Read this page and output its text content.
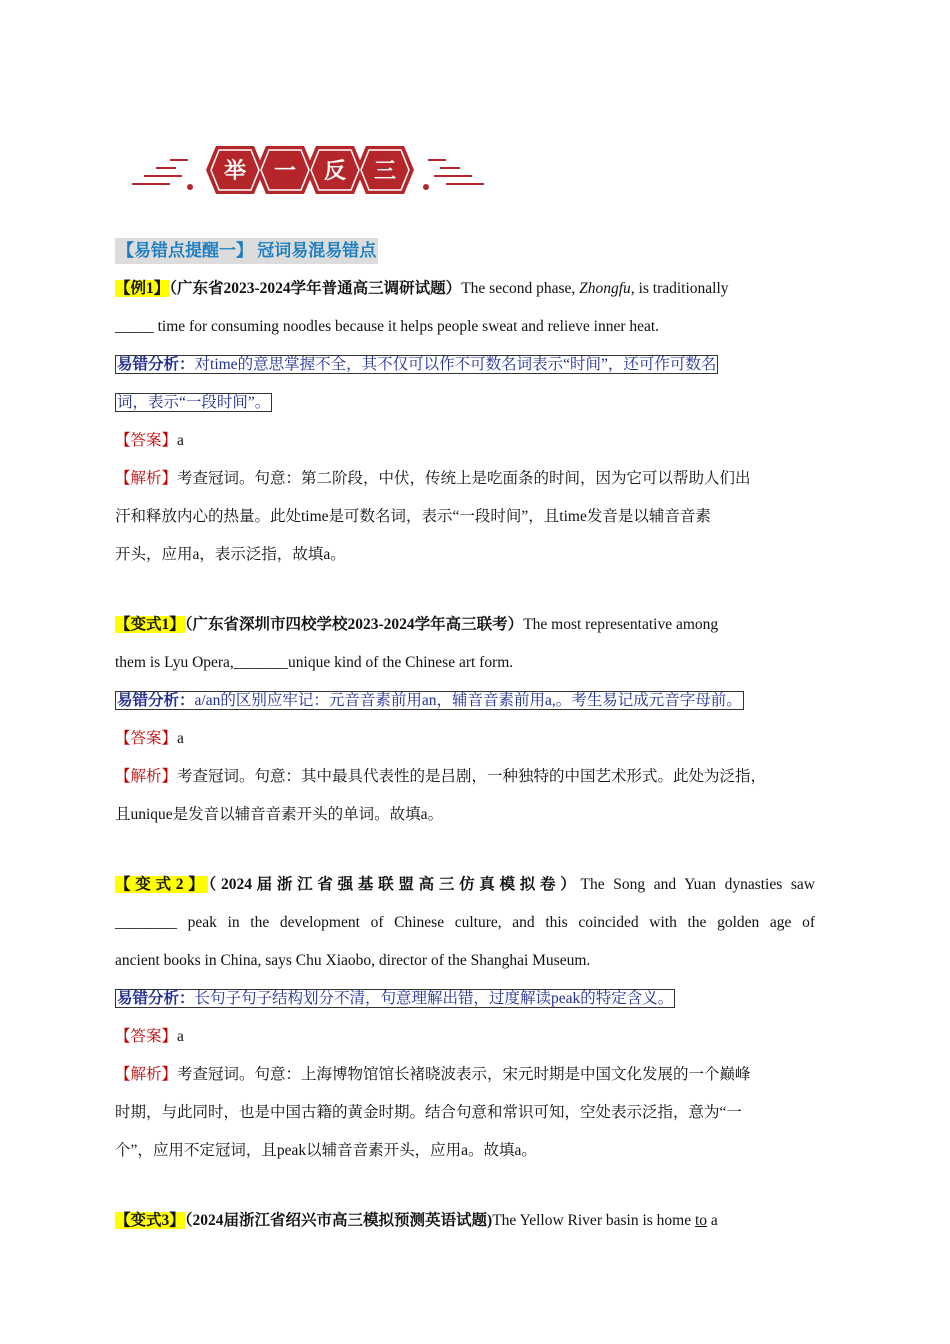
举 一 反 三
【易错点提醒一】 冠词易混易错点
【例1】（广东省2023-2024学年普通高三调研试题）The second phase, Zhongfu, is traditionally
_____ time for consuming noodles because it helps people sweat and relieve inner heat.
易错分析：对time的意思掌握不全，其不仅可以作不可数名词表示“时间”，还可作可数名
词，表示“一段时间”。
【答案】a
【解析】考查冠词。句意：第二阶段，中伏，传统上是吃面条的时间，因为它可以帮助人们出
汗和释放内心的热量。此处time是可数名词，表示“一段时间”，且time发音是以辅音音素
开头，应用a，表示泛指，故填a。
【变式1】（广东省深圳市四校学校2023-2024学年高三联考）The most representative among
them is Lyu Opera,_______unique kind of the Chinese art form.
易错分析：a/an的区别应牢记：元音音素前用an，辅音音素前用a,。考生易记成元音字母前。
【答案】a
【解析】考查冠词。句意：其中最具代表性的是吕剧，一种独特的中国艺术形式。此处为泛指，
且unique是发音以辅音音素开头的单词。故填a。
【变式2】（2024届浙江省强基联盟高三仿真模拟卷）The Song and Yuan dynasties saw
________ peak in the development of Chinese culture, and this coincided with the golden age of
ancient books in China, says Chu Xiaobo, director of the Shanghai Museum.
易错分析：长句子句子结构划分不清，句意理解出错，过度解读peak的特定含义。
【答案】a
【解析】考查冠词。句意：上海博物馆馆长褚晓波表示，宋元时期是中国文化发展的一个巅峰
时期，与此同时，也是中国古籍的黄金时期。结合句意和常识可知，空处表示泛指，意为“一
个”，应用不定冠词，且peak以辅音音素开头，应用a。故填a。
【变式3】（2024届浙江省绍兴市高三模拟预测英语试题)The Yellow River basin is home to a
